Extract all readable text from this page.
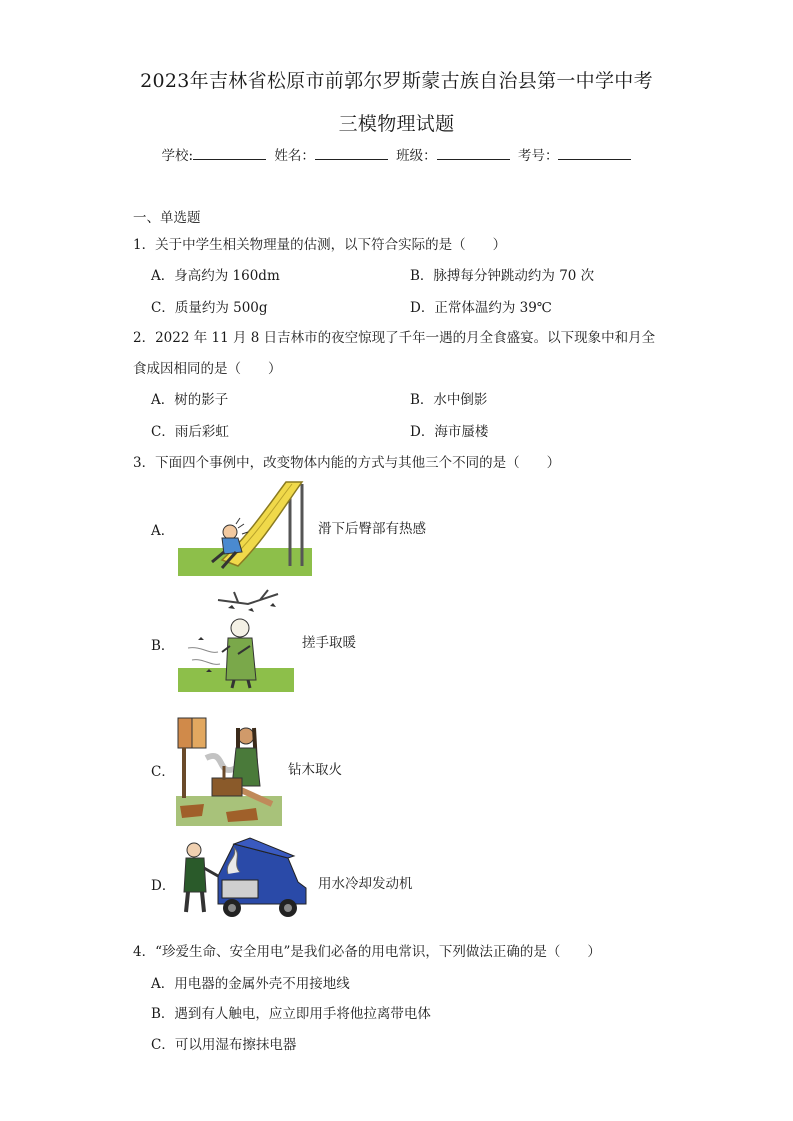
2023年吉林省松原市前郭尔罗斯蒙古族自治县第一中学中考
三模物理试题
学校:	姓名：	班级：	考号：
一、单选题
1．关于中学生相关物理量的估测，以下符合实际的是（　　）
A．身高约为 160dm	B．脉搏每分钟跳动约为 70 次
C．质量约为 500g	D．正常体温约为 39℃
2．2022 年 11 月 8 日吉林市的夜空惊现了千年一遇的月全食盛宴。以下现象中和月全
食成因相同的是（　　）
A．树的影子	B．水中倒影
C．雨后彩虹	D．海市蜃楼
3．下面四个事例中，改变物体内能的方式与其他三个不同的是（　　）
A．	滑下后臀部有热感
B．	搓手取暖
C．	钻木取火
D．	用水冷却发动机
4．“珍爱生命、安全用电”是我们必备的用电常识，下列做法正确的是（　　）
A．用电器的金属外壳不用接地线
B．遇到有人触电，应立即用手将他拉离带电体
C．可以用湿布擦抹电器
